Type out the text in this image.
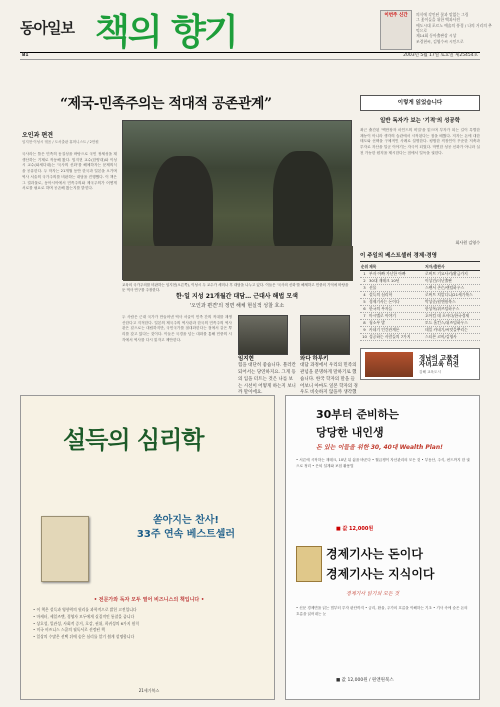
동아일보 책의 향기	이번주 신간	의식에 각인된 꽃과 말없는 그림
그 꽃이들을 위한 백과사전
에도시대 포르노 예술의 풍경 / 나의 거리의 추억으로
제14회 동아출판상 시상
조경현씨, 김영수씨 시인으로
B1	2003년 5월 17일 토요일 제25454호
“제국-민족주의는 적대적 공존관계”
오인과 편견
임지현·이성시 엮음 / 도서출판 휴머니스트 / 2만원
국사라는 틀은 민족의 동질성을 바탕으로 국민 정체성을 재생산하는 기제로 작동해 왔다. 임지현 교수(한양대)와 이성시 교수(와세다대)는 '국사의 신화'를 해체하자는 문제의식을 공유한다. 두 학자는 21개월 동안 한국과 일본을 오가며 역사 서술의 국가주의를 비판하는 대담을 진행했다. 이 책은 그 결과물로, 동아시아에서 민족주의와 제국주의가 어떻게 서로를 필요로 하며 공존해 왔는지를 밝힌다.
교육의 국가주의를 비판하는 임지현(오른쪽), 이성시 두 교수가 세미나 후 대담을 나누고 있다. 이들은 '국사의 신화'를 해체하고 민중의 기억에 바탕을 둔 역사 연구를 주장한다.
한·일 지성 21개월간 대담… 근대사 해법 모색
'오인과 편견'의 정면 해체 현실적 성찰 호소
두 사람은 근대 국가가 만들어낸 역사 서술이 민족 간의 적대를 재생산한다고 지적한다. 일본의 제국주의 역사관과 한국의 민족주의 역사관은 겉으로는 대립하지만, 국민국가를 절대화한다는 점에서 같은 뿌리를 갖고 있다는 것이다. 이들은 국경을 넘는 대화를 통해 민중의 시각에서 역사를 다시 읽자고 제안한다.
임지현
힘을 대단히 좋습니다. 블러칸 되어서는 당연하지요. 그게 등의 입을 터트는 것은 나를 보는 시선이 어떻게 하는지 보니까 말이에요.
와다 하루키
대담 과정에서 우리의 민족의 관념을 분명하게 말하기로 했습니다. 한국 학자의 말을 들어보니 아마도 일본 학자의 경우도 비슷하지 않을까 생각했
이렇게 읽었습니다
일반 독자가 보는 '기적'의 성공학
최근 출간된 '백만장자 마인드의 비밀'을 읽으며 부자가 되는 길이 특별한 재능이 아니라 생각의 습관에서 시작된다는 점을 배웠다. 저자는 돈에 대한 태도와 선택을 구체적인 사례로 설명한다. 평범한 직장인이 꾸준한 저축과 투자로 자산을 일군 이야기는 자극이 되었다. 막연한 성공 신화가 아니라 실천 가능한 원칙을 제시한다는 점에서 일독을 권한다.
회사원 김영수
이 주일의 베스트셀러 경제·경영
순위 제목	저자/출판사
1 부자 아빠 가난한 아빠	로버트 기요사키/황금가지
2 30대 재테크 10년	이상건/더난출판
3 선물	스펜서 존슨/랜덤하우스
4 설득의 심리학	로버트 치알디니/21세기북스
5 경제기사는 돈이다	박상준/원앤원북스
6 한국의 부자들	한상복/위즈덤하우스
7 마시멜로 이야기	호아킴 데 포사다/한국경제
8 청소부 밥	토드 홉킨스/위즈덤하우스
9 카네기 인간관계론	데일 카네기/씨앗을뿌리는
10 성공하는 사람들의 7가지	스티븐 코비/김영사
경남의 고품격
자녀교육 터전
김해 교육도시
설득의 심리학
쏟아지는 찬사!
33주 연속 베스트셀러
• 전문가와 독자 모두 열어 비즈니스의 책입니다 •
• 이 책은 설득과 영향력의 원리를 과학적으로 밝힌 고전입니다
• 마케터, 세일즈맨, 경영자 모두에게 실질적인 통찰을 줍니다
• 상호성, 일관성, 사회적 증거, 호감, 권위, 희귀성의 6가지 원칙
• 미국 비즈니스 스쿨의 필독서로 선정된 책
• 일상의 수많은 선택 뒤에 숨은 심리를 알기 쉽게 설명합니다
21세기북스
30부터 준비하는
당당한 내인생
돈 있는 이들을 위한 30, 40대 Wealth Plan!
• 서른에 시작하는 재테크, 10년 뒤 삶을 바꾼다 • 월급쟁이 자산관리의 모든 것 • 부동산, 주식, 펀드까지 한 권으로 정리 • 은퇴 설계와 보험 활용법
■ 값 12,000원
경제기사는 돈이다
경제기사는 지식이다
경제기사 읽기의 모든 것
• 신문 경제면을 읽는 법부터 투자 판단까지 • 금리, 환율, 주가의 흐름을 이해하는 기초 • 기사 속에 숨은 돈의 흐름을 읽어내는 눈
■ 값 12,000원 / 원앤원북스
